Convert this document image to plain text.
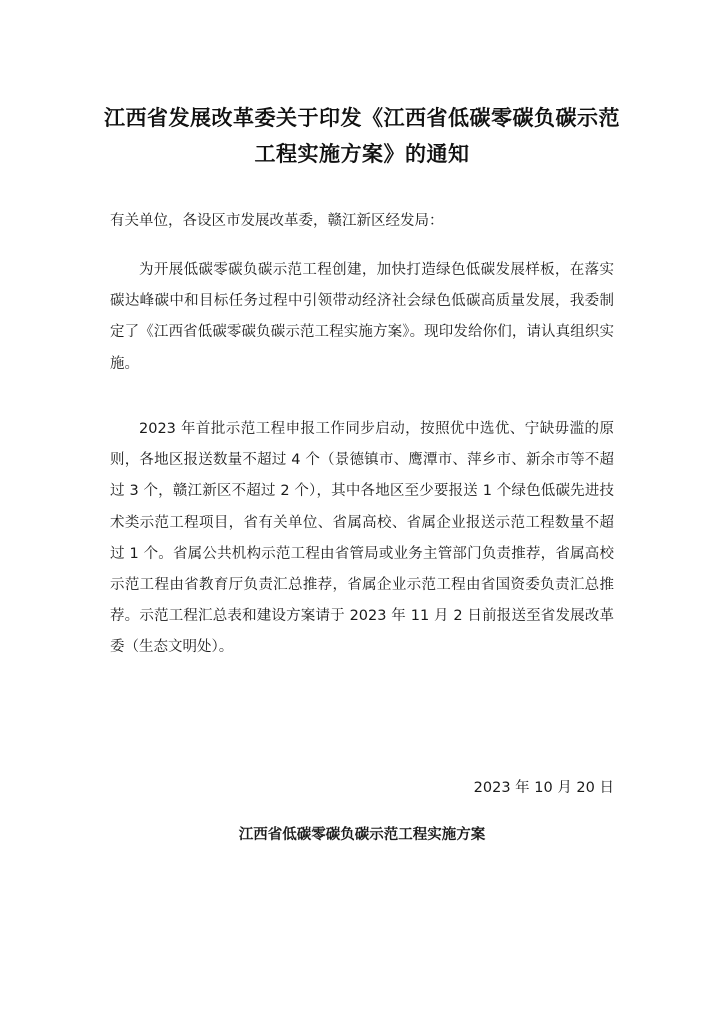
江西省发展改革委关于印发《江西省低碳零碳负碳示范工程实施方案》的通知
有关单位，各设区市发展改革委，赣江新区经发局：
为开展低碳零碳负碳示范工程创建，加快打造绿色低碳发展样板，在落实碳达峰碳中和目标任务过程中引领带动经济社会绿色低碳高质量发展，我委制定了《江西省低碳零碳负碳示范工程实施方案》。现印发给你们，请认真组织实施。
2023 年首批示范工程申报工作同步启动，按照优中选优、宁缺毋滥的原则，各地区报送数量不超过 4 个（景德镇市、鹰潭市、萍乡市、新余市等不超过 3 个，赣江新区不超过 2 个），其中各地区至少要报送 1 个绿色低碳先进技术类示范工程项目，省有关单位、省属高校、省属企业报送示范工程数量不超过 1 个。省属公共机构示范工程由省管局或业务主管部门负责推荐，省属高校示范工程由省教育厅负责汇总推荐，省属企业示范工程由省国资委负责汇总推荐。示范工程汇总表和建设方案请于 2023 年 11 月 2 日前报送至省发展改革委（生态文明处）。
2023 年 10 月 20 日
江西省低碳零碳负碳示范工程实施方案
